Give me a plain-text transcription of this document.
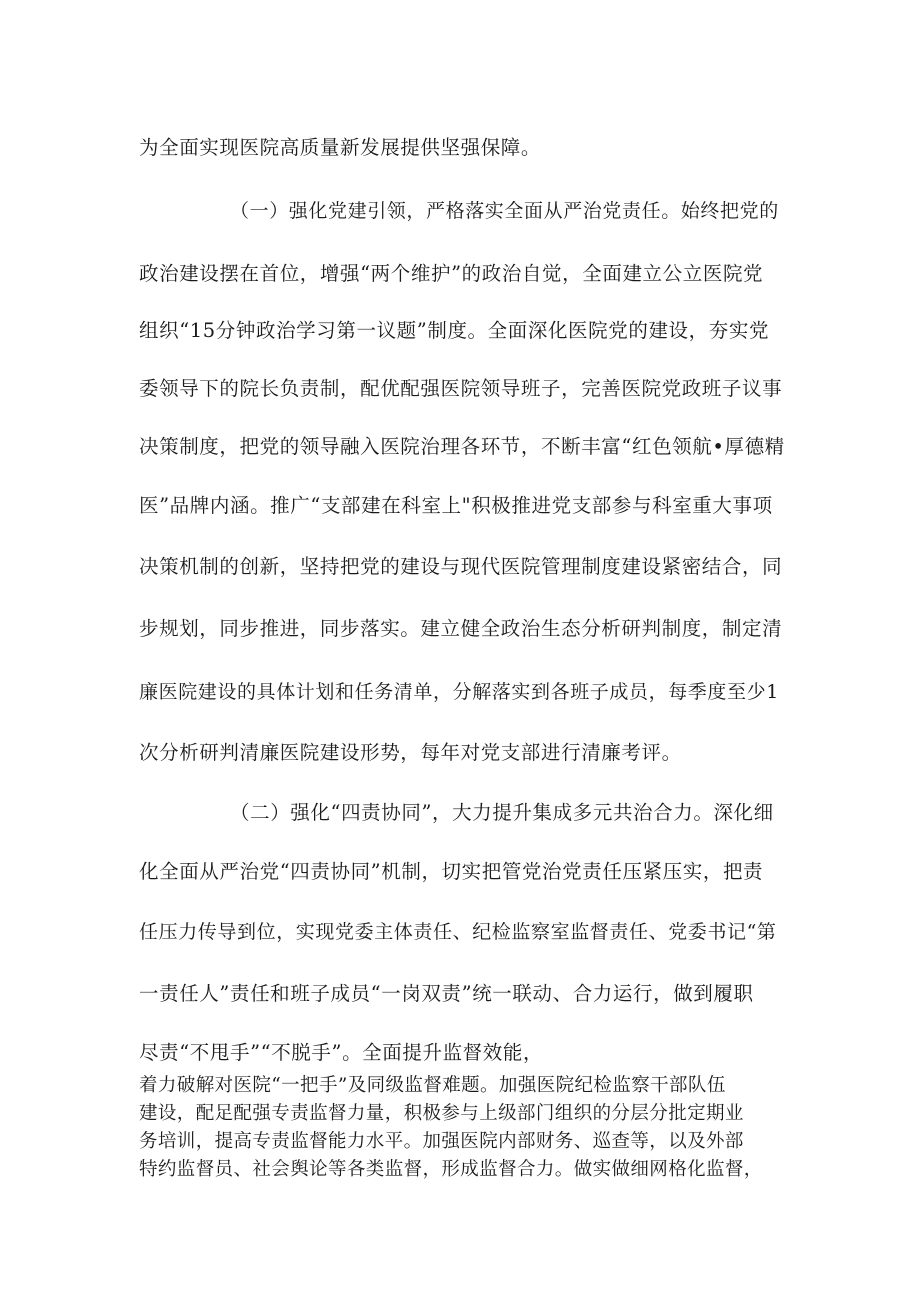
为全面实现医院高质量新发展提供坚强保障。
（一）强化党建引领，严格落实全面从严治党责任。始终把党的
政治建设摆在首位，增强“两个维护”的政治自觉，全面建立公立医院党
组织“15分钟政治学习第一议题”制度。全面深化医院党的建设，夯实党
委领导下的院长负责制，配优配强医院领导班子，完善医院党政班子议事
决策制度，把党的领导融入医院治理各环节，不断丰富“红色领航•厚德精
医”品牌内涵。推广“支部建在科室上"积极推进党支部参与科室重大事项
决策机制的创新，坚持把党的建设与现代医院管理制度建设紧密结合，同
步规划，同步推进，同步落实。建立健全政治生态分析研判制度，制定清
廉医院建设的具体计划和任务清单，分解落实到各班子成员，每季度至少1
次分析研判清廉医院建设形势，每年对党支部进行清廉考评。
（二）强化“四责协同”，大力提升集成多元共治合力。深化细
化全面从严治党“四责协同”机制，切实把管党治党责任压紧压实，把责
任压力传导到位，实现党委主体责任、纪检监察室监督责任、党委书记“第
一责任人”责任和班子成员“一岗双责”统一联动、合力运行，做到履职
尽责“不甩手”“不脱手”。全面提升监督效能，
着力破解对医院“一把手”及同级监督难题。加强医院纪检监察干部队伍
建设，配足配强专责监督力量，积极参与上级部门组织的分层分批定期业
务培训，提高专责监督能力水平。加强医院内部财务、巡查等，以及外部
特约监督员、社会舆论等各类监督，形成监督合力。做实做细网格化监督，
